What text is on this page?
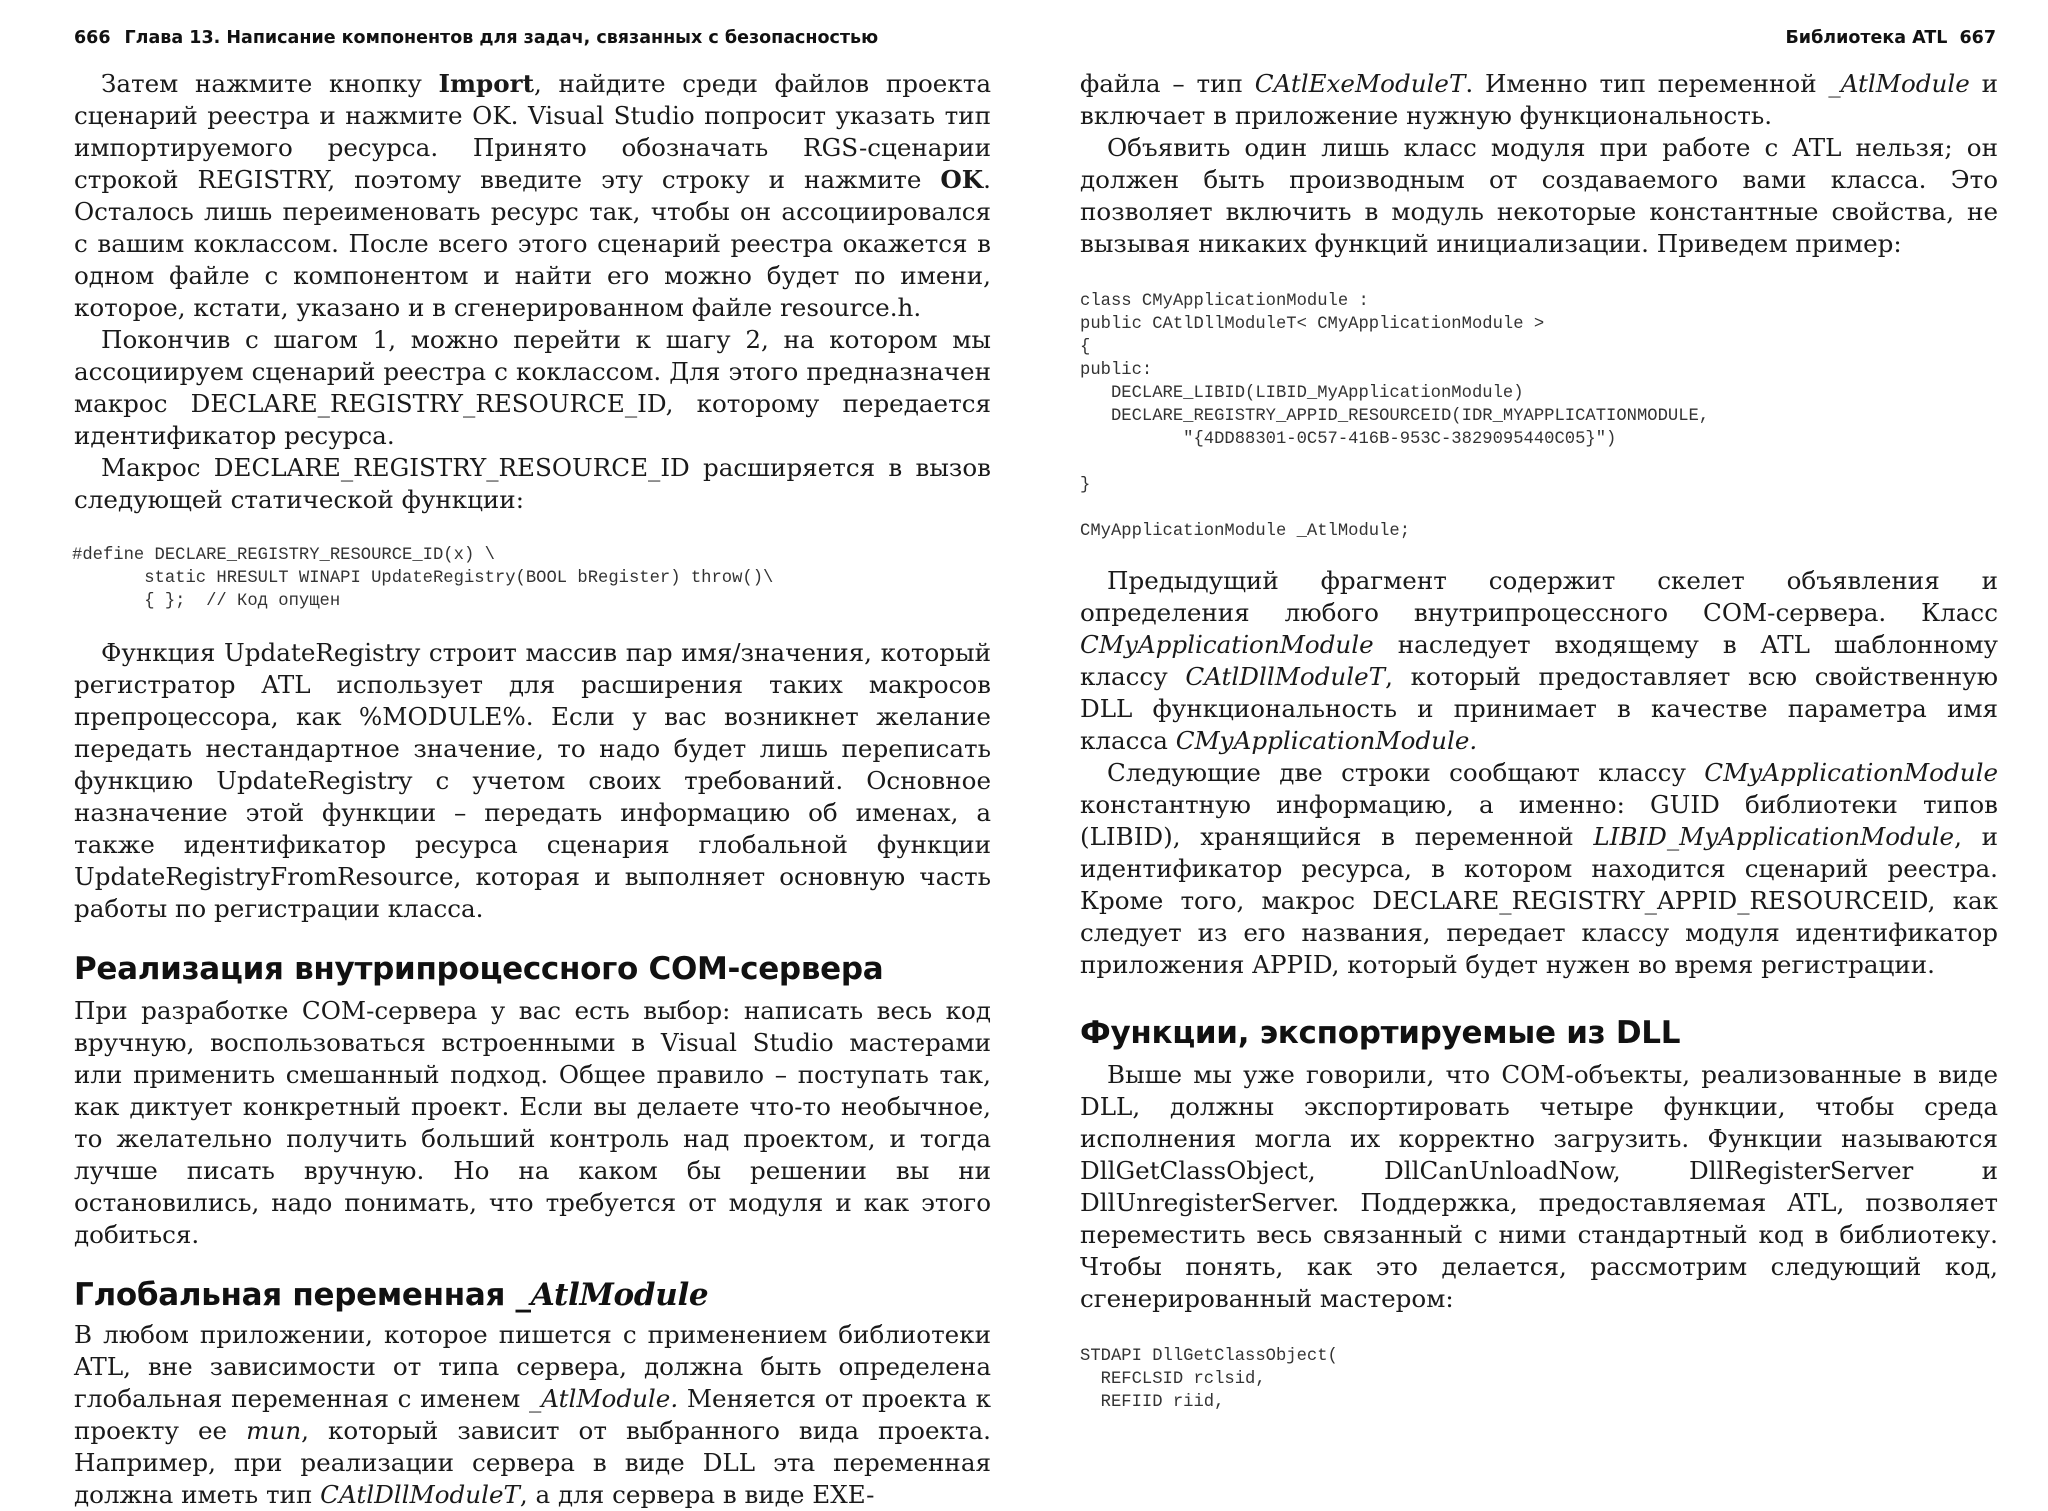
666 Глава 13. Написание компонентов для задач, связанных с безопасностью	Библиотека ATL 667

Затем нажмите кнопку Import, найдите среди файлов проекта сценарий реестра и нажмите OK. Visual Studio попросит указать тип импортируемого ресурса. Принято обозначать RGS-сценарии строкой REGISTRY, поэтому введите эту строку и нажмите OK. Осталось лишь переименовать ресурс так, чтобы он ассоциировался с вашим коклассом. После всего этого сценарий реестра окажется в одном файле с компонентом и найти его можно будет по имени, которое, кстати, указано и в сгенерированном файле resource.h.

Покончив с шагом 1, можно перейти к шагу 2, на котором мы ассоциируем сценарий реестра с коклассом. Для этого предназначен макрос DECLARE_REGISTRY_RESOURCE_ID, которому передается идентификатор ресурса.

Макрос DECLARE_REGISTRY_RESOURCE_ID расширяется в вызов следующей статической функции:

#define DECLARE_REGISTRY_RESOURCE_ID(x) \
static HRESULT WINAPI UpdateRegistry(BOOL bRegister) throw()\
{ };  // Код опущен

Функция UpdateRegistry строит массив пар имя/значения, который регистратор ATL использует для расширения таких макросов препроцессора, как %MODULE%. Если у вас возникнет желание передать нестандартное значение, то надо будет лишь переписать функцию UpdateRegistry с учетом своих требований. Основное назначение этой функции – передать информацию об именах, а также идентификатор ресурса сценария глобальной функции UpdateRegistryFromResource, которая и выполняет основную часть работы по регистрации класса.

Реализация внутрипроцессного COM-сервера

При разработке COM-сервера у вас есть выбор: написать весь код вручную, воспользоваться встроенными в Visual Studio мастерами или применить смешанный подход. Общее правило – поступать так, как диктует конкретный проект. Если вы делаете что-то необычное, то желательно получить больший контроль над проектом, и тогда лучше писать вручную. Но на каком бы решении вы ни остановились, надо понимать, что требуется от модуля и как этого добиться.

Глобальная переменная _AtlModule

В любом приложении, которое пишется с применением библиотеки ATL, вне зависимости от типа сервера, должна быть определена глобальная переменная с именем _AtlModule. Меняется от проекта к проекту ее тип, который зависит от выбранного вида проекта. Например, при реализации сервера в виде DLL эта переменная должна иметь тип CAtlDllModuleT, а для сервера в виде EXE-

файла – тип CAtlExeModuleT. Именно тип переменной _AtlModule и включает в приложение нужную функциональность.

Объявить один лишь класс модуля при работе с ATL нельзя; он должен быть производным от создаваемого вами класса. Это позволяет включить в модуль некоторые константные свойства, не вызывая никаких функций инициализации. Приведем пример:

class CMyApplicationModule :
public CAtlDllModuleT< CMyApplicationModule >
{
public:
DECLARE_LIBID(LIBID_MyApplicationModule)
DECLARE_REGISTRY_APPID_RESOURCEID(IDR_MYAPPLICATIONMODULE,
"{4DD88301-0C57-416B-953C-3829095440C05}")

}

CMyApplicationModule _AtlModule;

Предыдущий фрагмент содержит скелет объявления и определения любого внутрипроцессного COM-сервера. Класс CMyApplicationModule наследует входящему в ATL шаблонному классу CAtlDllModuleT, который предоставляет всю свойственную DLL функциональность и принимает в качестве параметра имя класса CMyApplicationModule.

Следующие две строки сообщают классу CMyApplicationModule константную информацию, а именно: GUID библиотеки типов (LIBID), хранящийся в переменной LIBID_MyApplicationModule, и идентификатор ресурса, в котором находится сценарий реестра. Кроме того, макрос DECLARE_REGISTRY_APPID_RESOURCEID, как следует из его названия, передает классу модуля идентификатор приложения APPID, который будет нужен во время регистрации.

Функции, экспортируемые из DLL

Выше мы уже говорили, что COM-объекты, реализованные в виде DLL, должны экспортировать четыре функции, чтобы среда исполнения могла их корректно загрузить. Функции называются DllGetClassObject, DllCanUnloadNow, DllRegisterServer и DllUnregisterServer. Поддержка, предоставляемая ATL, позволяет переместить весь связанный с ними стандартный код в библиотеку. Чтобы понять, как это делается, рассмотрим следующий код, сгенерированный мастером:

STDAPI DllGetClassObject(
REFCLSID rclsid,
REFIID riid,
